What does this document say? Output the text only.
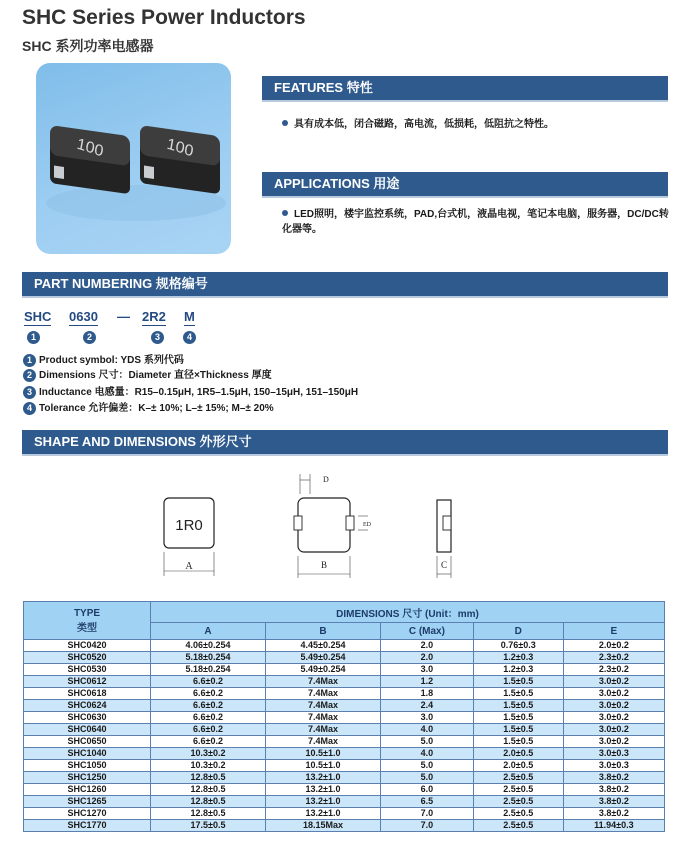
SHC Series Power Inductors
SHC 系列功率电感器
100	100
FEATURES 特性
具有成本低，闭合磁路，高电流，低损耗，低阻抗之特性。
APPLICATIONS 用途
LED照明，楼宇监控系统，PAD,台式机，液晶电视，笔记本电脑，服务器，DC/DC转化器等。
PART NUMBERING 规格编号
SHC 0630 — 2R2 M
1	2	3	4
1 Product symbol: YDS 系列代码
2 Dimensions 尺寸：Diameter 直径×Thickness 厚度
3 Inductance 电感量：R15–0.15μH, 1R5–1.5μH, 150–15μH, 151–150μH
4 Tolerance 允许偏差：K–± 10%; L–± 15%; M–± 20%
SHAPE AND DIMENSIONS 外形尺寸
1R0
A
D
ED
B	C
TYPE
类型	DIMENSIONS 尺寸 (Unit：mm)				
	A	B	C (Max)	D	E
SHC0420	4.06±0.254	4.45±0.254	2.0	0.76±0.3	2.0±0.2
SHC0520	5.18±0.254	5.49±0.254	2.0	1.2±0.3	2.3±0.2
SHC0530	5.18±0.254	5.49±0.254	3.0	1.2±0.3	2.3±0.2
SHC0612	6.6±0.2	7.4Max	1.2	1.5±0.5	3.0±0.2
SHC0618	6.6±0.2	7.4Max	1.8	1.5±0.5	3.0±0.2
SHC0624	6.6±0.2	7.4Max	2.4	1.5±0.5	3.0±0.2
SHC0630	6.6±0.2	7.4Max	3.0	1.5±0.5	3.0±0.2
SHC0640	6.6±0.2	7.4Max	4.0	1.5±0.5	3.0±0.2
SHC0650	6.6±0.2	7.4Max	5.0	1.5±0.5	3.0±0.2
SHC1040	10.3±0.2	10.5±1.0	4.0	2.0±0.5	3.0±0.3
SHC1050	10.3±0.2	10.5±1.0	5.0	2.0±0.5	3.0±0.3
SHC1250	12.8±0.5	13.2±1.0	5.0	2.5±0.5	3.8±0.2
SHC1260	12.8±0.5	13.2±1.0	6.0	2.5±0.5	3.8±0.2
SHC1265	12.8±0.5	13.2±1.0	6.5	2.5±0.5	3.8±0.2
SHC1270	12.8±0.5	13.2±1.0	7.0	2.5±0.5	3.8±0.2
SHC1770	17.5±0.5	18.15Max	7.0	2.5±0.5	11.94±0.3
